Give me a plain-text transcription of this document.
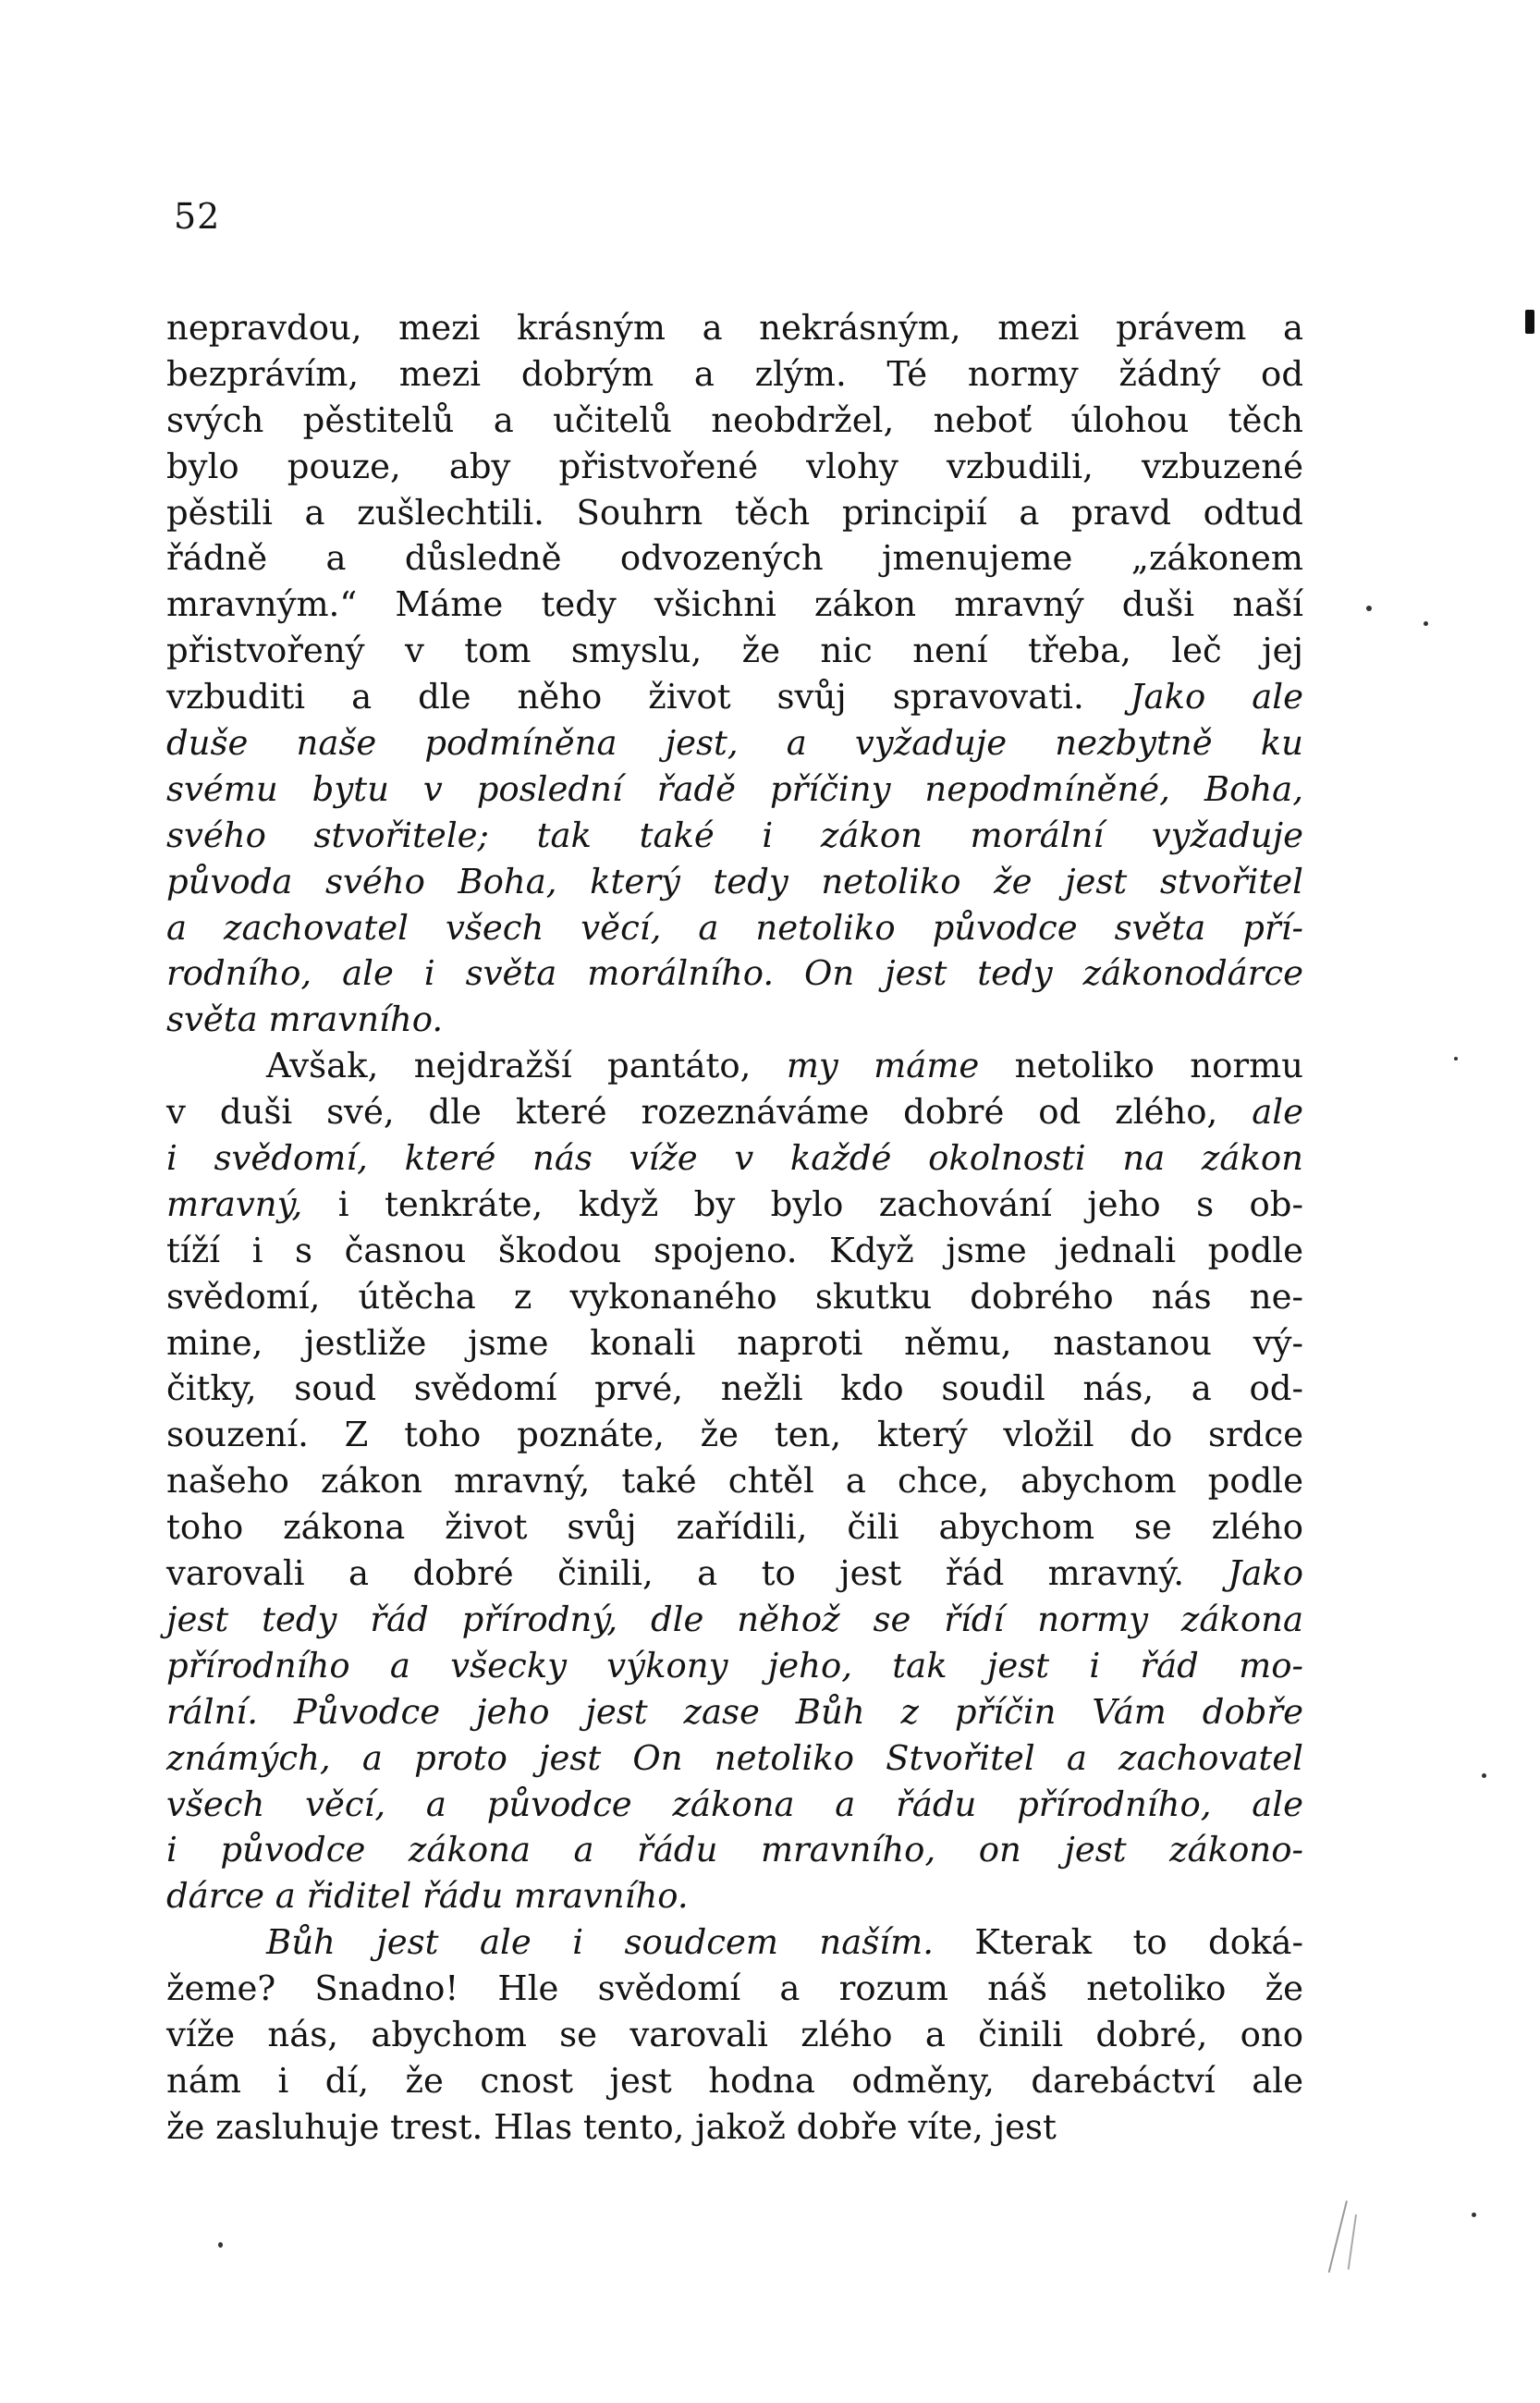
52
nepravdou, mezi krásným a nekrásným, mezi právem a
bezprávím, mezi dobrým a zlým. Té normy žádný od
svých pěstitelů a učitelů neobdržel, neboť úlohou těch
bylo pouze, aby přistvořené vlohy vzbudili, vzbuzené
pěstili a zušlechtili. Souhrn těch principií a pravd odtud
řádně a důsledně odvozených jmenujeme „zákonem
mravným.“ Máme tedy všichni zákon mravný duši naší
přistvořený v tom smyslu, že nic není třeba, leč jej
vzbuditi a dle něho život svůj spravovati. Jako ale
duše naše podmíněna jest, a vyžaduje nezbytně ku
svému bytu v poslední řadě příčiny nepodmíněné, Boha,
svého stvořitele; tak také i zákon morální vyžaduje
původa svého Boha, který tedy netoliko že jest stvořitel
a zachovatel všech věcí, a netoliko původce světa pří-
rodního, ale i světa morálního. On jest tedy zákonodárce
světa mravního.
Avšak, nejdražší pantáto, my máme netoliko normu
v duši své, dle které rozeznáváme dobré od zlého, ale
i svědomí, které nás víže v každé okolnosti na zákon
mravný, i tenkráte, když by bylo zachování jeho s ob-
tíží i s časnou škodou spojeno. Když jsme jednali podle
svědomí, útěcha z vykonaného skutku dobrého nás ne-
mine, jestliže jsme konali naproti němu, nastanou vý-
čitky, soud svědomí prvé, nežli kdo soudil nás, a od-
souzení. Z toho poznáte, že ten, který vložil do srdce
našeho zákon mravný, také chtěl a chce, abychom podle
toho zákona život svůj zařídili, čili abychom se zlého
varovali a dobré činili, a to jest řád mravný. Jako
jest tedy řád přírodný, dle něhož se řídí normy zákona
přírodního a všecky výkony jeho, tak jest i řád mo-
rální. Původce jeho jest zase Bůh z příčin Vám dobře
známých, a proto jest On netoliko Stvořitel a zachovatel
všech věcí, a původce zákona a řádu přírodního, ale
i původce zákona a řádu mravního, on jest zákono-
dárce a řiditel řádu mravního.
Bůh jest ale i soudcem naším. Kterak to doká-
žeme? Snadno! Hle svědomí a rozum náš netoliko že
víže nás, abychom se varovali zlého a činili dobré, ono
nám i dí, že cnost jest hodna odměny, darebáctví ale
že zasluhuje trest. Hlas tento, jakož dobře víte, jest
